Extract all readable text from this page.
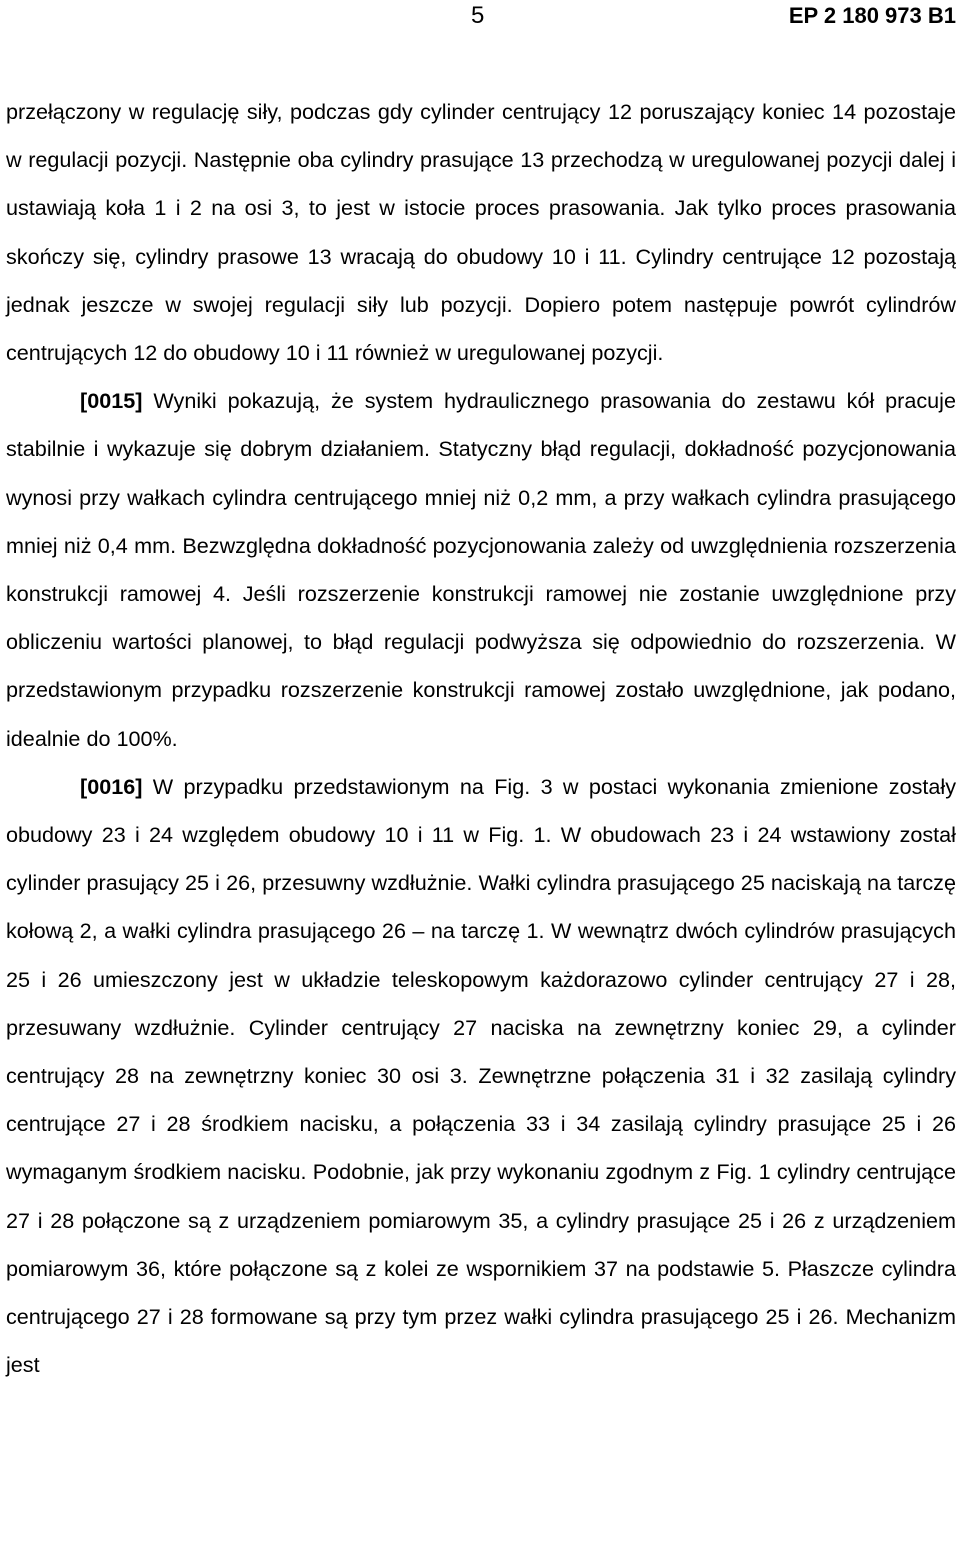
5	EP 2 180 973 B1

przełączony w regulację siły, podczas gdy cylinder centrujący 12 poruszający koniec 14 pozostaje w regulacji pozycji. Następnie oba cylindry prasujące 13 przechodzą w uregulowanej pozycji dalej i ustawiają koła 1 i 2 na osi 3, to jest w istocie proces prasowania. Jak tylko proces prasowania skończy się, cylindry prasowe 13 wracają do obudowy 10 i 11. Cylindry centrujące 12 pozostają jednak jeszcze w swojej regulacji siły lub pozycji. Dopiero potem następuje powrót cylindrów centrujących 12 do obudowy 10 i 11 również w uregulowanej pozycji.

[0015] Wyniki pokazują, że system hydraulicznego prasowania do zestawu kół pracuje stabilnie i wykazuje się dobrym działaniem. Statyczny błąd regulacji, dokładność pozycjonowania wynosi przy wałkach cylindra centrującego mniej niż 0,2 mm, a przy wałkach cylindra prasującego mniej niż 0,4 mm. Bezwzględna dokładność pozycjonowania zależy od uwzględnienia rozszerzenia konstrukcji ramowej 4. Jeśli rozszerzenie konstrukcji ramowej nie zostanie uwzględnione przy obliczeniu wartości planowej, to błąd regulacji podwyższa się odpowiednio do rozszerzenia. W przedstawionym przypadku rozszerzenie konstrukcji ramowej zostało uwzględnione, jak podano, idealnie do 100%.

[0016] W przypadku przedstawionym na Fig. 3 w postaci wykonania zmienione zostały obudowy 23 i 24 względem obudowy 10 i 11 w Fig. 1. W obudowach 23 i 24 wstawiony został cylinder prasujący 25 i 26, przesuwny wzdłużnie. Wałki cylindra prasującego 25 naciskają na tarczę kołową 2, a wałki cylindra prasującego 26 – na tarczę 1. W wewnątrz dwóch cylindrów prasujących 25 i 26 umieszczony jest w układzie teleskopowym każdorazowo cylinder centrujący 27 i 28, przesuwany wzdłużnie. Cylinder centrujący 27 naciska na zewnętrzny koniec 29, a cylinder centrujący 28 na zewnętrzny koniec 30 osi 3. Zewnętrzne połączenia 31 i 32 zasilają cylindry centrujące 27 i 28 środkiem nacisku, a połączenia 33 i 34 zasilają cylindry prasujące 25 i 26 wymaganym środkiem nacisku. Podobnie, jak przy wykonaniu zgodnym z Fig. 1 cylindry centrujące 27 i 28 połączone są z urządzeniem pomiarowym 35, a cylindry prasujące 25 i 26 z urządzeniem pomiarowym 36, które połączone są z kolei ze wspornikiem 37 na podstawie 5. Płaszcze cylindra centrującego 27 i 28 formowane są przy tym przez wałki cylindra prasującego 25 i 26. Mechanizm jest
